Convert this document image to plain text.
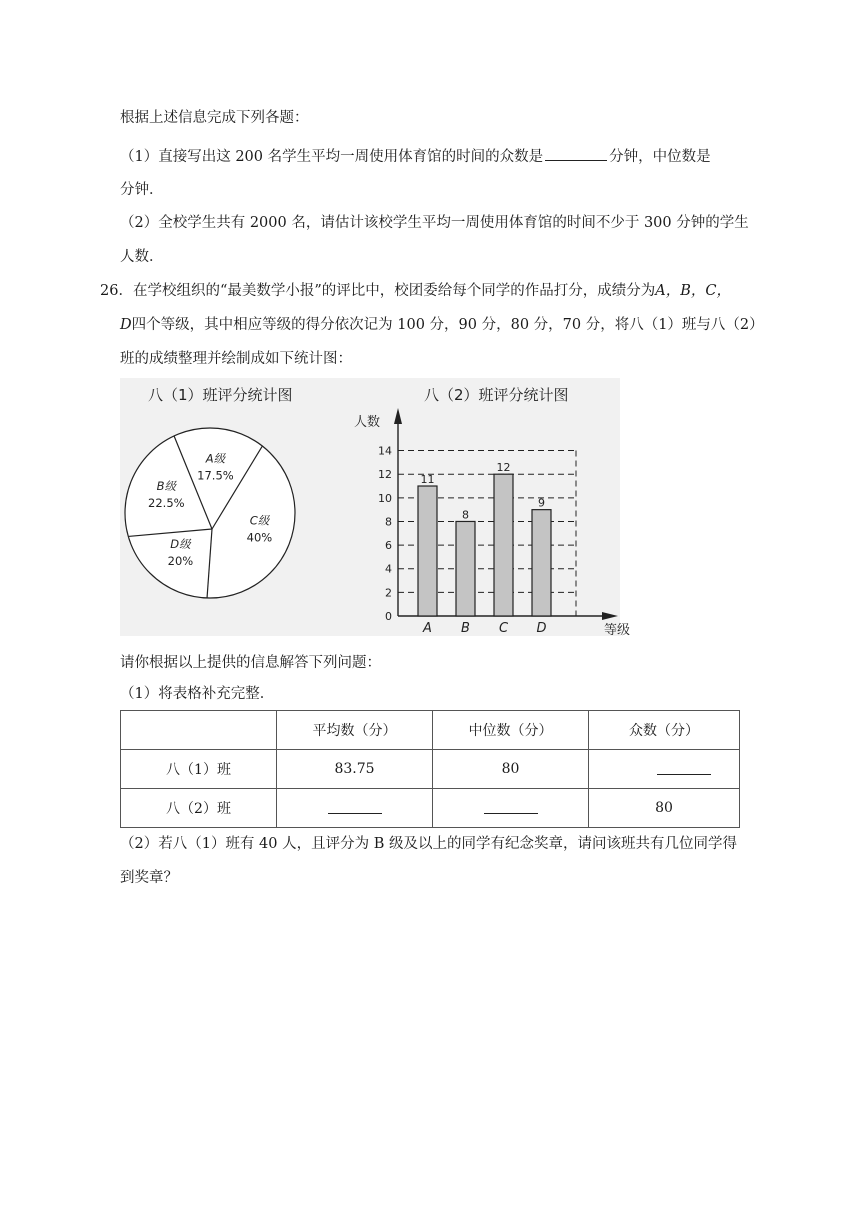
根据上述信息完成下列各题：
（1）直接写出这 200 名学生平均一周使用体育馆的时间的众数是	分钟，中位数是
分钟．
（2）全校学生共有 2000 名，请估计该校学生平均一周使用体育馆的时间不少于 300 分钟的学生
人数．
26．在学校组织的“最美数学小报”的评比中，校团委给每个同学的作品打分，成绩分为A，B，C，
D四个等级，其中相应等级的得分依次记为 100 分，90 分，80 分，70 分，将八（1）班与八（2）
班的成绩整理并绘制成如下统计图：
八（1）班评分统计图
A级
17.5%
C级
40%
D级
20%
B级
22.5%
八（2）班评分统计图
人数
等级
0
2
4
6
8
10
12
14
11
A
8
B
12
C
9
D
请你根据以上提供的信息解答下列问题：
（1）将表格补充完整．
	平均数（分）	中位数（分）	众数（分）
八（1）班	83.75	80	
八（2）班			80
（2）若八（1）班有 40 人，且评分为 B 级及以上的同学有纪念奖章，请问该班共有几位同学得
到奖章？
